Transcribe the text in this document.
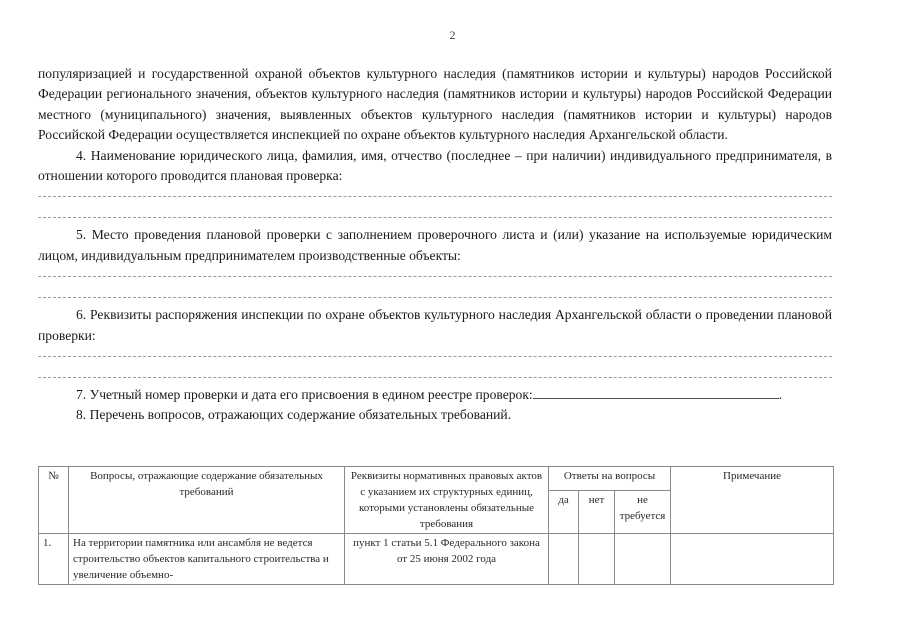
2

популяризацией и государственной охраной объектов культурного наследия (памятников истории и культуры) народов Российской Федерации регионального значения, объектов культурного наследия (памятников истории и культуры) народов Российской Федерации местного (муниципального) значения, выявленных объектов культурного наследия (памятников истории и культуры) народов Российской Федерации осуществляется инспекцией по охране объектов культурного наследия Архангельской области.

4. Наименование юридического лица, фамилия, имя, отчество (последнее – при наличии) индивидуального предпринимателя, в отношении которого проводится плановая проверка:

5. Место проведения плановой проверки с заполнением проверочного листа и (или) указание на используемые юридическим лицом, индивидуальным предпринимателем производственные объекты:

6. Реквизиты распоряжения инспекции по охране объектов культурного наследия Архангельской области о проведении плановой проверки:

7. Учетный номер проверки и дата его присвоения в едином реестре проверок:	.

8. Перечень вопросов, отражающих содержание обязательных требований.

№	Вопросы, отражающие содержание обязательных требований	Реквизиты нормативных правовых актов с указанием их структурных единиц, которыми установлены обязательные требования	Ответы на вопросы			Примечание
			да	нет	не требуется	
1.	На территории памятника или ансамбля не ведется строительство объектов капитального строительства и увеличение объемно-	пункт 1 статьи 5.1 Федерального закона от 25 июня 2002 года				
